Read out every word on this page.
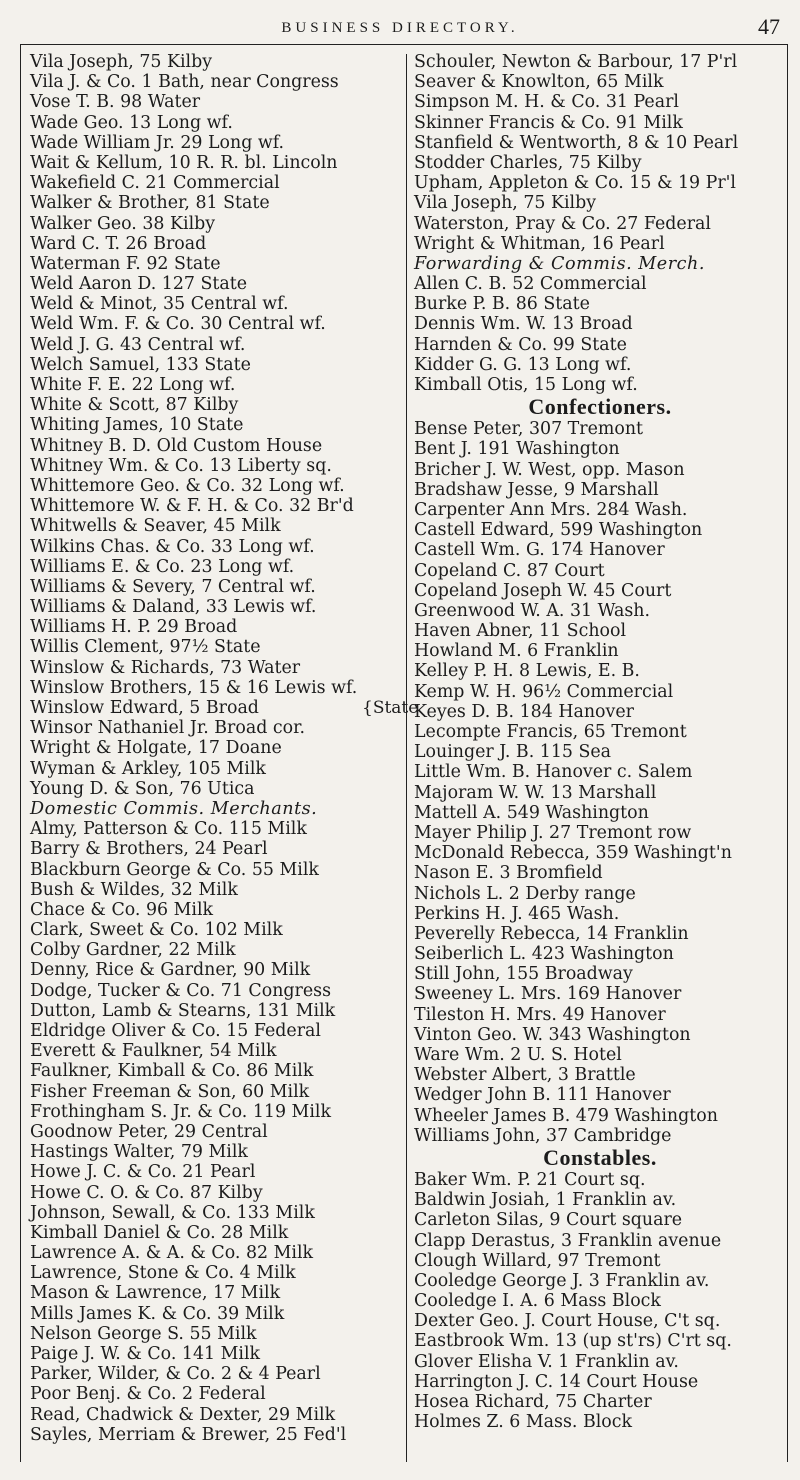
BUSINESS DIRECTORY.	47
Vila Joseph, 75 Kilby
Vila J. & Co. 1 Bath, near Congress
Vose T. B. 98 Water
Wade Geo. 13 Long wf.
Wade William Jr. 29 Long wf.
Wait & Kellum, 10 R. R. bl. Lincoln
Wakefield C. 21 Commercial
Walker & Brother, 81 State
Walker Geo. 38 Kilby
Ward C. T. 26 Broad
Waterman F. 92 State
Weld Aaron D. 127 State
Weld & Minot, 35 Central wf.
Weld Wm. F. & Co. 30 Central wf.
Weld J. G. 43 Central wf.
Welch Samuel, 133 State
White F. E. 22 Long wf.
White & Scott, 87 Kilby
Whiting James, 10 State
Whitney B. D. Old Custom House
Whitney Wm. & Co. 13 Liberty sq.
Whittemore Geo. & Co. 32 Long wf.
Whittemore W. & F. H. & Co. 32 Br'd
Whitwells & Seaver, 45 Milk
Wilkins Chas. & Co. 33 Long wf.
Williams E. & Co. 23 Long wf.
Williams & Severy, 7 Central wf.
Williams & Daland, 33 Lewis wf.
Williams H. P. 29 Broad
Willis Clement, 97½ State
Winslow & Richards, 73 Water
Winslow Brothers, 15 & 16 Lewis wf.
Winslow Edward, 5 Broad	{State
Winsor Nathaniel Jr. Broad cor.
Wright & Holgate, 17 Doane
Wyman & Arkley, 105 Milk
Young D. & Son, 76 Utica
Domestic Commis. Merchants.
Almy, Patterson & Co. 115 Milk
Barry & Brothers, 24 Pearl
Blackburn George & Co. 55 Milk
Bush & Wildes, 32 Milk
Chace & Co. 96 Milk
Clark, Sweet & Co. 102 Milk
Colby Gardner, 22 Milk
Denny, Rice & Gardner, 90 Milk
Dodge, Tucker & Co. 71 Congress
Dutton, Lamb & Stearns, 131 Milk
Eldridge Oliver & Co. 15 Federal
Everett & Faulkner, 54 Milk
Faulkner, Kimball & Co. 86 Milk
Fisher Freeman & Son, 60 Milk
Frothingham S. Jr. & Co. 119 Milk
Goodnow Peter, 29 Central
Hastings Walter, 79 Milk
Howe J. C. & Co. 21 Pearl
Howe C. O. & Co. 87 Kilby
Johnson, Sewall, & Co. 133 Milk
Kimball Daniel & Co. 28 Milk
Lawrence A. & A. & Co. 82 Milk
Lawrence, Stone & Co. 4 Milk
Mason & Lawrence, 17 Milk
Mills James K. & Co. 39 Milk
Nelson George S. 55 Milk
Paige J. W. & Co. 141 Milk
Parker, Wilder, & Co. 2 & 4 Pearl
Poor Benj. & Co. 2 Federal
Read, Chadwick & Dexter, 29 Milk
Sayles, Merriam & Brewer, 25 Fed'l
Schouler, Newton & Barbour, 17 P'rl
Seaver & Knowlton, 65 Milk
Simpson M. H. & Co. 31 Pearl
Skinner Francis & Co. 91 Milk
Stanfield & Wentworth, 8 & 10 Pearl
Stodder Charles, 75 Kilby
Upham, Appleton & Co. 15 & 19 Pr'l
Vila Joseph, 75 Kilby
Waterston, Pray & Co. 27 Federal
Wright & Whitman, 16 Pearl
Forwarding & Commis. Merch.
Allen C. B. 52 Commercial
Burke P. B. 86 State
Dennis Wm. W. 13 Broad
Harnden & Co. 99 State
Kidder G. G. 13 Long wf.
Kimball Otis, 15 Long wf.
Confectioners.
Bense Peter, 307 Tremont
Bent J. 191 Washington
Bricher J. W. West, opp. Mason
Bradshaw Jesse, 9 Marshall
Carpenter Ann Mrs. 284 Wash.
Castell Edward, 599 Washington
Castell Wm. G. 174 Hanover
Copeland C. 87 Court
Copeland Joseph W. 45 Court
Greenwood W. A. 31 Wash.
Haven Abner, 11 School
Howland M. 6 Franklin
Kelley P. H. 8 Lewis, E. B.
Kemp W. H. 96½ Commercial
Keyes D. B. 184 Hanover
Lecompte Francis, 65 Tremont
Louinger J. B. 115 Sea
Little Wm. B. Hanover c. Salem
Majoram W. W. 13 Marshall
Mattell A. 549 Washington
Mayer Philip J. 27 Tremont row
McDonald Rebecca, 359 Washingt'n
Nason E. 3 Bromfield
Nichols L. 2 Derby range
Perkins H. J. 465 Wash.
Peverelly Rebecca, 14 Franklin
Seiberlich L. 423 Washington
Still John, 155 Broadway
Sweeney L. Mrs. 169 Hanover
Tileston H. Mrs. 49 Hanover
Vinton Geo. W. 343 Washington
Ware Wm. 2 U. S. Hotel
Webster Albert, 3 Brattle
Wedger John B. 111 Hanover
Wheeler James B. 479 Washington
Williams John, 37 Cambridge
Constables.
Baker Wm. P. 21 Court sq.
Baldwin Josiah, 1 Franklin av.
Carleton Silas, 9 Court square
Clapp Derastus, 3 Franklin avenue
Clough Willard, 97 Tremont
Cooledge George J. 3 Franklin av.
Cooledge I. A. 6 Mass Block
Dexter Geo. J. Court House, C't sq.
Eastbrook Wm. 13 (up st'rs) C'rt sq.
Glover Elisha V. 1 Franklin av.
Harrington J. C. 14 Court House
Hosea Richard, 75 Charter
Holmes Z. 6 Mass. Block
